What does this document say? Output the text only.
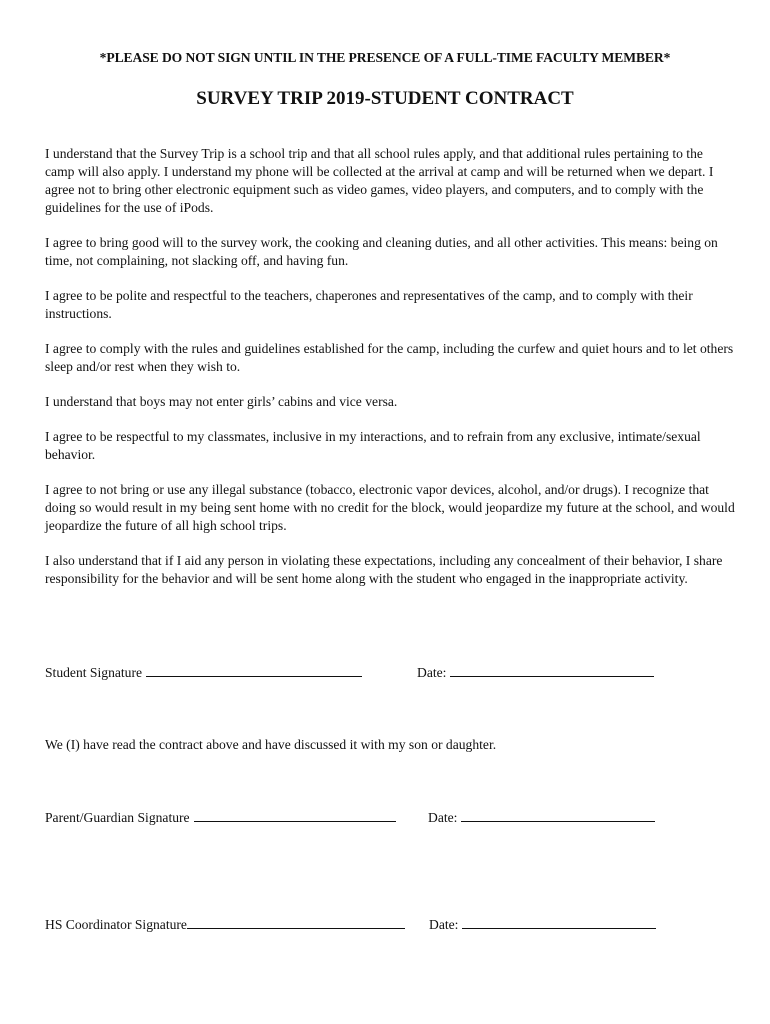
*PLEASE DO NOT SIGN UNTIL IN THE PRESENCE OF A FULL-TIME FACULTY MEMBER*
SURVEY TRIP 2019-STUDENT CONTRACT

I understand that the Survey Trip is a school trip and that all school rules apply, and that additional rules pertaining to the camp will also apply. I understand my phone will be collected at the arrival at camp and will be returned when we depart. I agree not to bring other electronic equipment such as video games, video players, and computers, and to comply with the guidelines for the use of iPods.

I agree to bring good will to the survey work, the cooking and cleaning duties, and all other activities. This means: being on time, not complaining, not slacking off, and having fun.

I agree to be polite and respectful to the teachers, chaperones and representatives of the camp, and to comply with their instructions.

I agree to comply with the rules and guidelines established for the camp, including the curfew and quiet hours and to let others sleep and/or rest when they wish to.

I understand that boys may not enter girls’ cabins and vice versa.

I agree to be respectful to my classmates, inclusive in my interactions, and to refrain from any exclusive, intimate/sexual behavior.

I agree to not bring or use any illegal substance (tobacco, electronic vapor devices, alcohol, and/or drugs). I recognize that doing so would result in my being sent home with no credit for the block, would jeopardize my future at the school, and would jeopardize the future of all high school trips.

I also understand that if I aid any person in violating these expectations, including any concealment of their behavior, I share responsibility for the behavior and will be sent home along with the student who engaged in the inappropriate activity.

Student Signature	Date:
We (I) have read the contract above and have discussed it with my son or daughter.
Parent/Guardian Signature	Date:
HS Coordinator Signature	Date:
